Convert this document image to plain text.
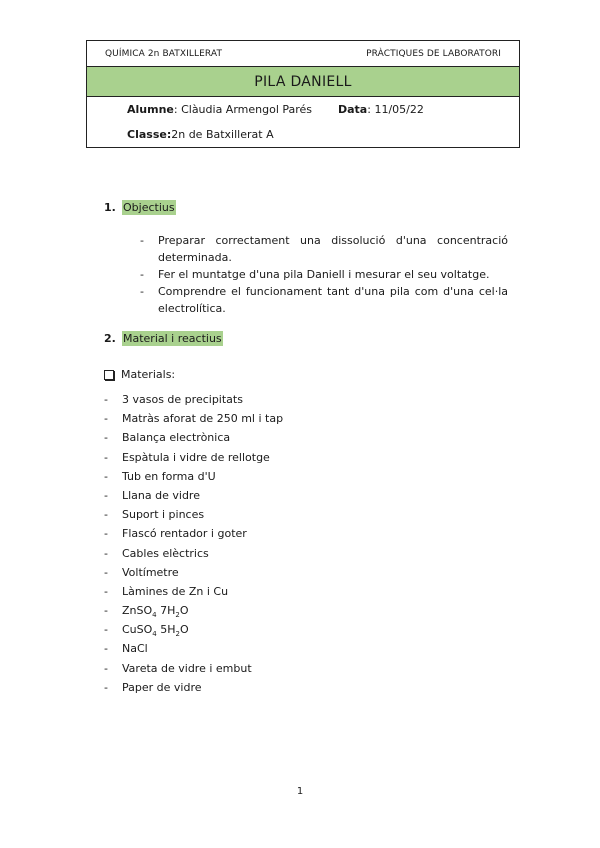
QUÍMICA 2n BATXILLERAT	PRÀCTIQUES DE LABORATORI
PILA DANIELL
Alumne: Clàudia Armengol Parés Data: 11/05/22
Classe: 2n de Batxillerat A
1. Objectius
- Preparar correctament una dissolució d'una concentració determinada.
- Fer el muntatge d'una pila Daniell i mesurar el seu voltatge.
- Comprendre el funcionament tant d'una pila com d'una cel·la electrolítica.
2. Material i reactius
Materials:
- 3 vasos de precipitats
- Matràs aforat de 250 ml i tap
- Balança electrònica
- Espàtula i vidre de rellotge
- Tub en forma d'U
- Llana de vidre
- Suport i pinces
- Flascó rentador i goter
- Cables elèctrics
- Voltímetre
- Làmines de Zn i Cu
- ZnSO$_4$ $7H_2O$
- CuSO$_4$ $5H_2O$
- NaCl
- Vareta de vidre i embut
- Paper de vidre
1
